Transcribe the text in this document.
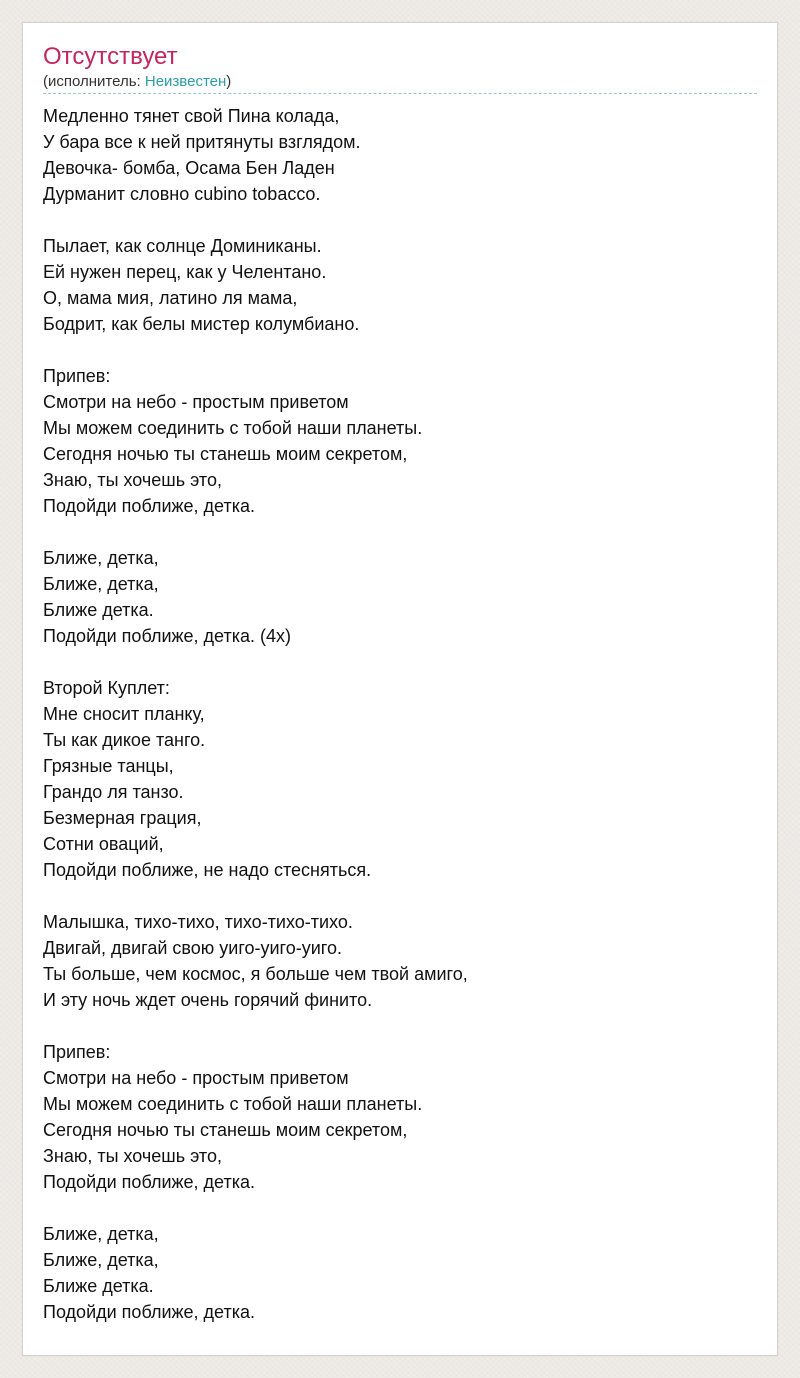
Отсутствует
(исполнитель: Неизвестен)
Медленно тянет свой Пина колада,
У бара все к ней притянуты взглядом.
Девочка- бомба, Осама Бен Ладен
Дурманит словно cubino tobacco.
Пылает, как солнце Доминиканы.
Ей нужен перец, как у Челентано.
О, мама мия, латино ля мама,
Бодрит, как белы мистер колумбиано.
Припев:
Смотри на небо - простым приветом
Мы можем соединить с тобой наши планеты.
Сегодня ночью ты станешь моим секретом,
Знаю, ты хочешь это,
Подойди поближе, детка.
Ближе, детка,
Ближе, детка,
Ближе детка.
Подойди поближе, детка. (4x)
Второй Куплет:
Мне сносит планку,
Ты как дикое танго.
Грязные танцы,
Грандо ля танзо.
Безмерная грация,
Сотни оваций,
Подойди поближе, не надо стесняться.
Малышка, тихо-тихо, тихо-тихо-тихо.
Двигай, двигай свою уиго-уиго-уиго.
Ты больше, чем космос, я больше чем твой амиго,
И эту ночь ждет очень горячий финито.
Припев:
Смотри на небо - простым приветом
Мы можем соединить с тобой наши планеты.
Сегодня ночью ты станешь моим секретом,
Знаю, ты хочешь это,
Подойди поближе, детка.
Ближе, детка,
Ближе, детка,
Ближе детка.
Подойди поближе, детка.
